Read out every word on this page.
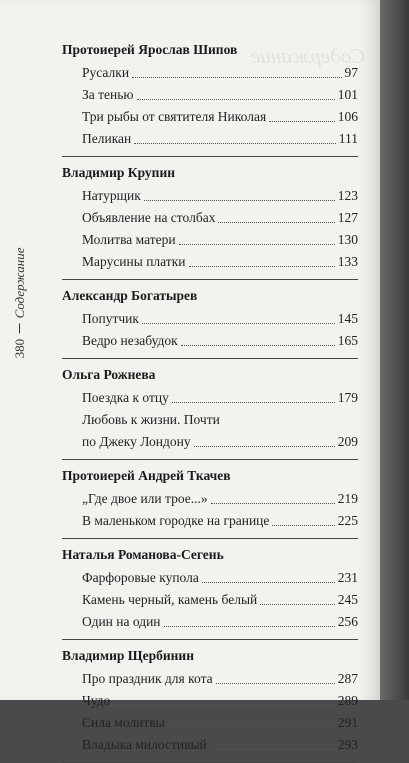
Содержание
380
Содержание
Протоиерей Ярослав Шипов
Русалки	97
За тенью	101
Три рыбы от святителя Николая	106
Пеликан	111
Владимир Крупин
Натурщик	123
Объявление на столбах	127
Молитва матери	130
Марусины платки	133
Александр Богатырев
Попутчик	145
Ведро незабудок	165
Ольга Рожнева
Поездка к отцу	179
Любовь к жизни. Почти
по Джеку Лондону	209
Протоиерей Андрей Ткачев
„Где двое или трое...»	219
В маленьком городке на границе	225
Наталья Романова-Сегень
Фарфоровые купола	231
Камень черный, камень белый	245
Один на один	256
Владимир Щербинин
Про праздник для кота	287
Чудо	289
Сила молитвы	291
Владыка милостивый	293
